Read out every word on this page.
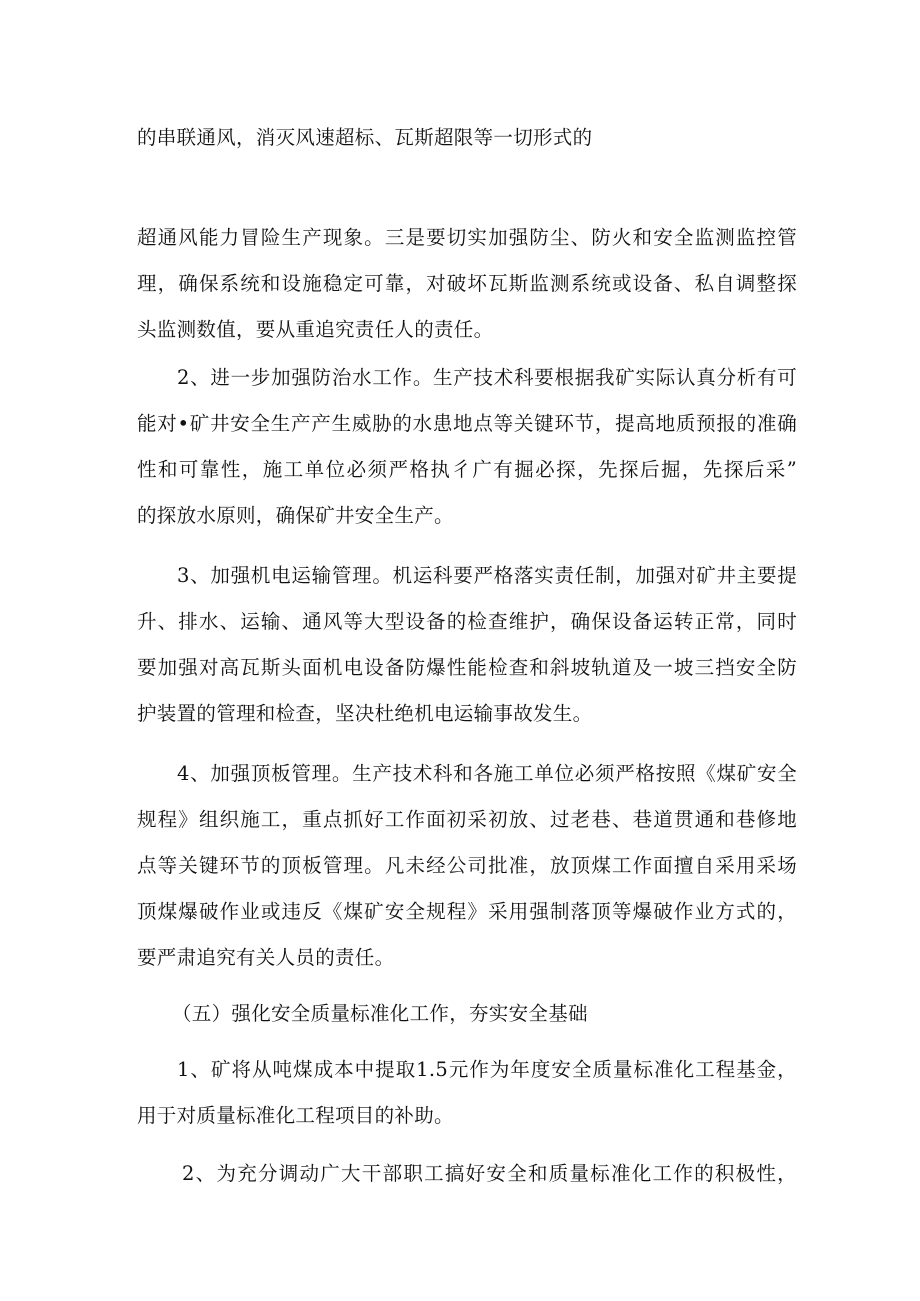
的串联通风，消灭风速超标、瓦斯超限等一切形式的
超通风能力冒险生产现象。三是要切实加强防尘、防火和安全监测监控管
理，确保系统和设施稳定可靠，对破坏瓦斯监测系统或设备、私自调整探
头监测数值，要从重追究责任人的责任。
2、进一步加强防治水工作。生产技术科要根据我矿实际认真分析有可
能对•矿井安全生产产生威胁的水患地点等关键环节，提高地质预报的准确
性和可靠性，施工单位必须严格执彳广有掘必探，先探后掘，先探后采”
的探放水原则，确保矿井安全生产。
3、加强机电运输管理。机运科要严格落实责任制，加强对矿井主要提
升、排水、运输、通风等大型设备的检查维护，确保设备运转正常，同时
要加强对高瓦斯头面机电设备防爆性能检查和斜坡轨道及一坡三挡安全防
护装置的管理和检查，坚决杜绝机电运输事故发生。
4、加强顶板管理。生产技术科和各施工单位必须严格按照《煤矿安全
规程》组织施工，重点抓好工作面初采初放、过老巷、巷道贯通和巷修地
点等关键环节的顶板管理。凡未经公司批准，放顶煤工作面擅自采用采场
顶煤爆破作业或违反《煤矿安全规程》采用强制落顶等爆破作业方式的，
要严肃追究有关人员的责任。
（五）强化安全质量标准化工作，夯实安全基础
1、矿将从吨煤成本中提取1.5元作为年度安全质量标准化工程基金，
用于对质量标准化工程项目的补助。
2、为充分调动广大干部职工搞好安全和质量标准化工作的积极性，
